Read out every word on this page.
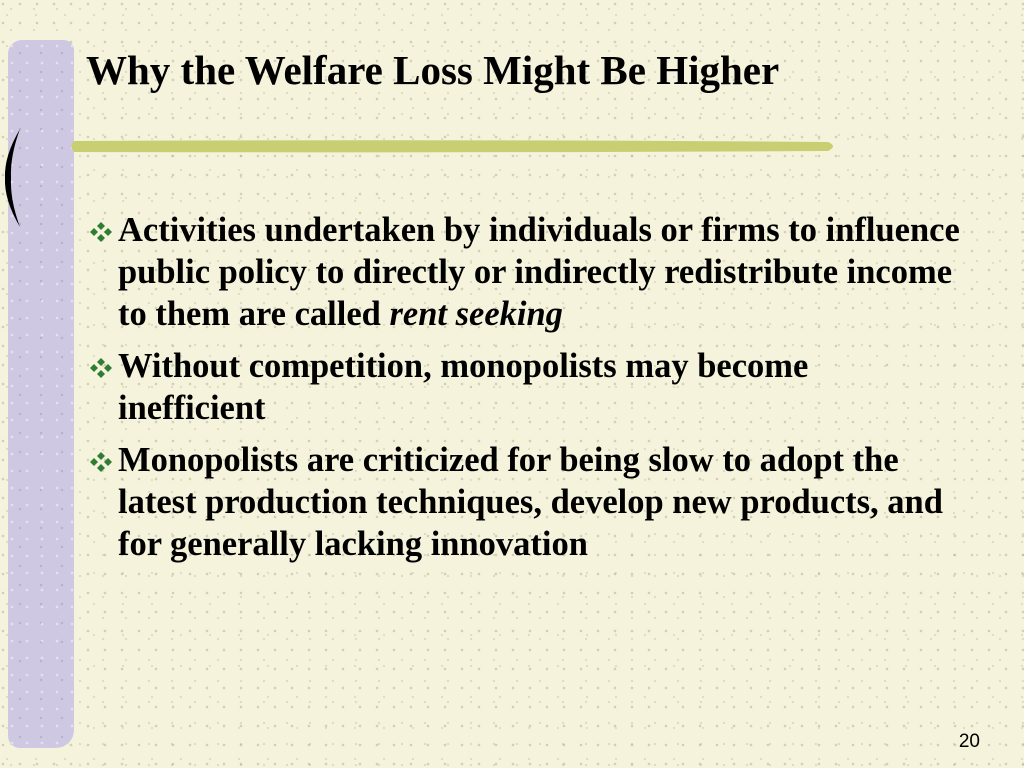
Why the Welfare Loss Might Be Higher
Activities undertaken by individuals or firms to influence public policy to directly or indirectly redistribute income to them are called rent seeking
Without competition, monopolists may become inefficient
Monopolists are criticized for being slow to adopt the latest production techniques, develop new products, and for generally lacking innovation
20
